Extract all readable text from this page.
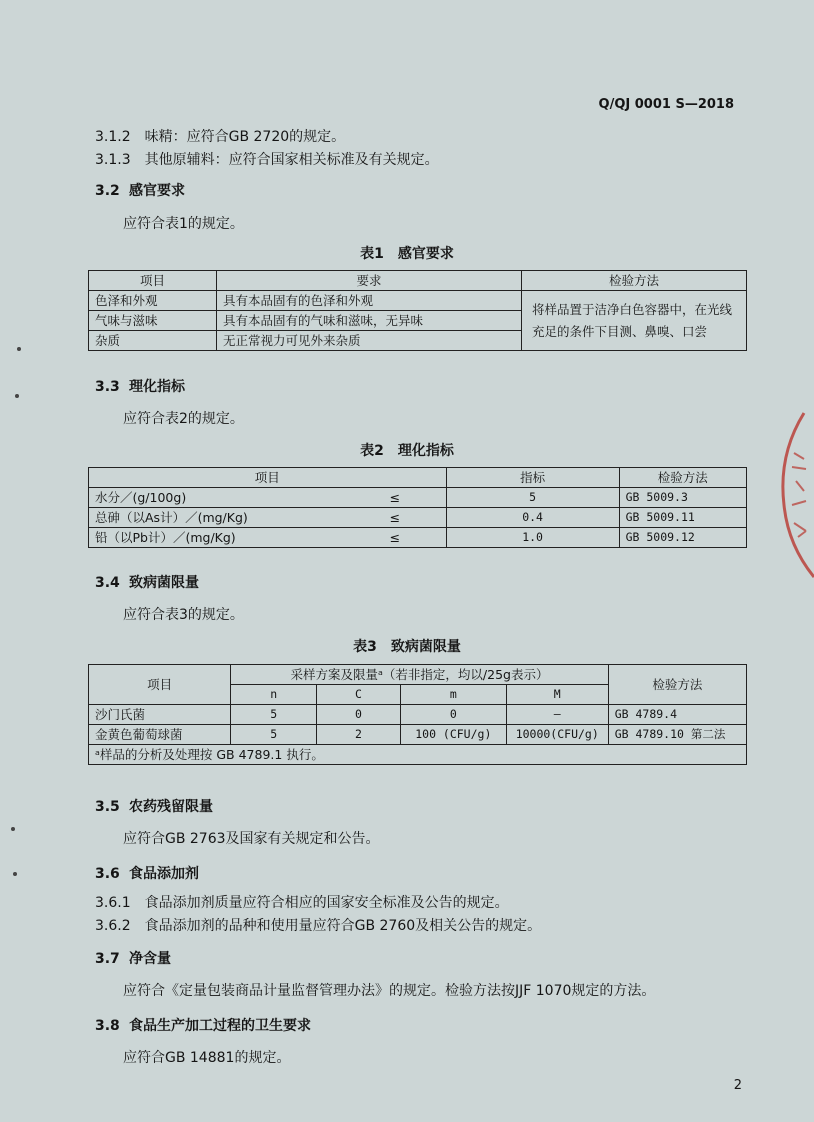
Q/QJ 0001 S—2018
3.1.2　味精：应符合GB 2720的规定。
3.1.3　其他原辅料：应符合国家相关标准及有关规定。
3.2 感官要求
应符合表1的规定。
表1　感官要求
项目	要求	检验方法
色泽和外观	具有本品固有的色泽和外观	将样品置于洁净白色容器中，在光线充足的条件下目测、鼻嗅、口尝
气味与滋味	具有本品固有的气味和滋味，无异味	
杂质	无正常视力可见外来杂质	
3.3 理化指标
应符合表2的规定。
表2　理化指标
项目		指标	检验方法
水分／(g/100g)	≤	5	GB 5009.3
总砷（以As计）／(mg/Kg)	≤	0.4	GB 5009.11
铅（以Pb计）／(mg/Kg)	≤	1.0	GB 5009.12
3.4 致病菌限量
应符合表3的规定。
表3　致病菌限量
项目	采样方案及限量ᵃ（若非指定，均以/25g表示）				检验方法
	n	C	m	M	
沙门氏菌	5	0	0	–	GB 4789.4
金黄色葡萄球菌	5	2	100 (CFU/g)	10000(CFU/g)	GB 4789.10 第二法
ᵃ样品的分析及处理按 GB 4789.1 执行。					
3.5 农药残留限量
应符合GB 2763及国家有关规定和公告。
3.6 食品添加剂
3.6.1　食品添加剂质量应符合相应的国家安全标准及公告的规定。
3.6.2　食品添加剂的品种和使用量应符合GB 2760及相关公告的规定。
3.7 净含量
应符合《定量包装商品计量监督管理办法》的规定。检验方法按JJF 1070规定的方法。
3.8 食品生产加工过程的卫生要求
应符合GB 14881的规定。
2
